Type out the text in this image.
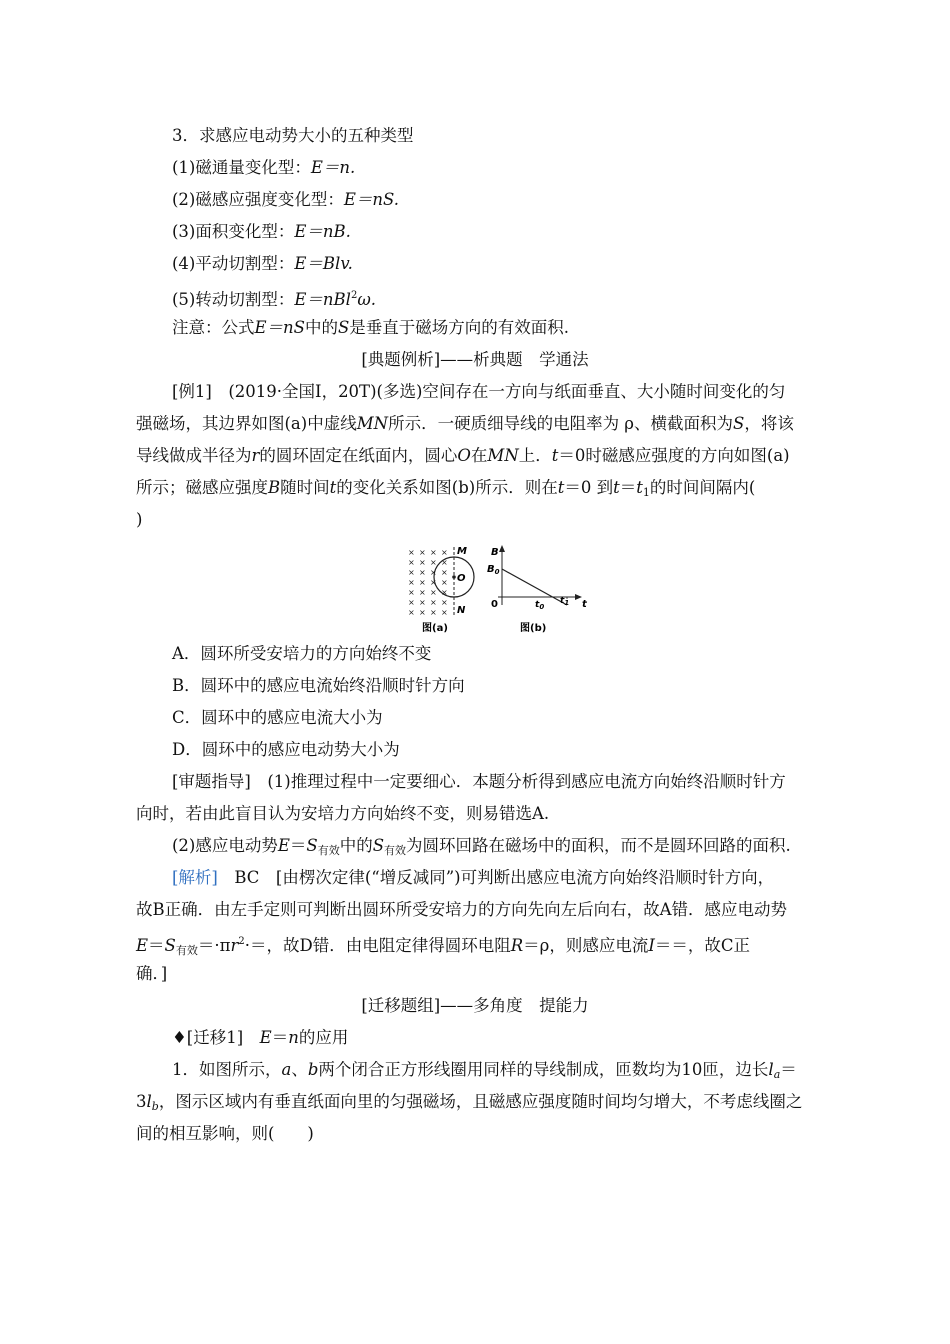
3．求感应电动势大小的五种类型
(1)磁通量变化型：E＝n.
(2)磁感应强度变化型：E＝nS.
(3)面积变化型：E＝nB.
(4)平动切割型：E＝Blv.
(5)转动切割型：E＝nBl$^2$ω.
注意：公式E＝nS中的S是垂直于磁场方向的有效面积.
[典题例析]——析典题　学通法
[例1]　(2019·全国Ⅰ，20T)(多选)空间存在一方向与纸面垂直、大小随时间变化的匀
强磁场，其边界如图(a)中虚线MN所示．一硬质细导线的电阻率为 ρ、横截面积为S，将该
导线做成半径为r的圆环固定在纸面内，圆心O在MN上．t＝0时磁感应强度的方向如图(a)
所示；磁感应强度B随时间t的变化关系如图(b)所示．则在t＝0 到$t=t_1$的时间间隔内(
)
× × × ×
× × × ×
× × × ×
× × × ×
× × × ×
× × × ×
× × × ×
M
O
N
图(a)
B
$B_0$
0	$t_0$
$t_1$ t
图(b)
A．圆环所受安培力的方向始终不变
B．圆环中的感应电流始终沿顺时针方向
C．圆环中的感应电流大小为
D．圆环中的感应电动势大小为
[审题指导]　(1)推理过程中一定要细心．本题分析得到感应电流方向始终沿顺时针方
向时，若由此盲目认为安培力方向始终不变，则易错选A.
(2)感应电动势$E=S_{有效}$中的$S_{有效}$为圆环回路在磁场中的面积，而不是圆环回路的面积.
[解析]　BC　[由楞次定律(“增反减同”)可判断出感应电流方向始终沿顺时针方向，
故B正确．由左手定则可判断出圆环所受安培力的方向先向左后向右，故A错．感应电动势
$E=S_{有效}=\cdot\pi r^2\cdot=$，故D错．由电阻定律得圆环电阻R＝ρ，则感应电流I＝＝，故C正
确．]
[迁移题组]——多角度　提能力
♦[迁移1]　E＝n的应用
1．如图所示，a、b两个闭合正方形线圈用同样的导线制成，匝数均为10匝，边长$l_a=$
$3l_b$，图示区域内有垂直纸面向里的匀强磁场，且磁感应强度随时间均匀增大，不考虑线圈之
间的相互影响，则(　　)
